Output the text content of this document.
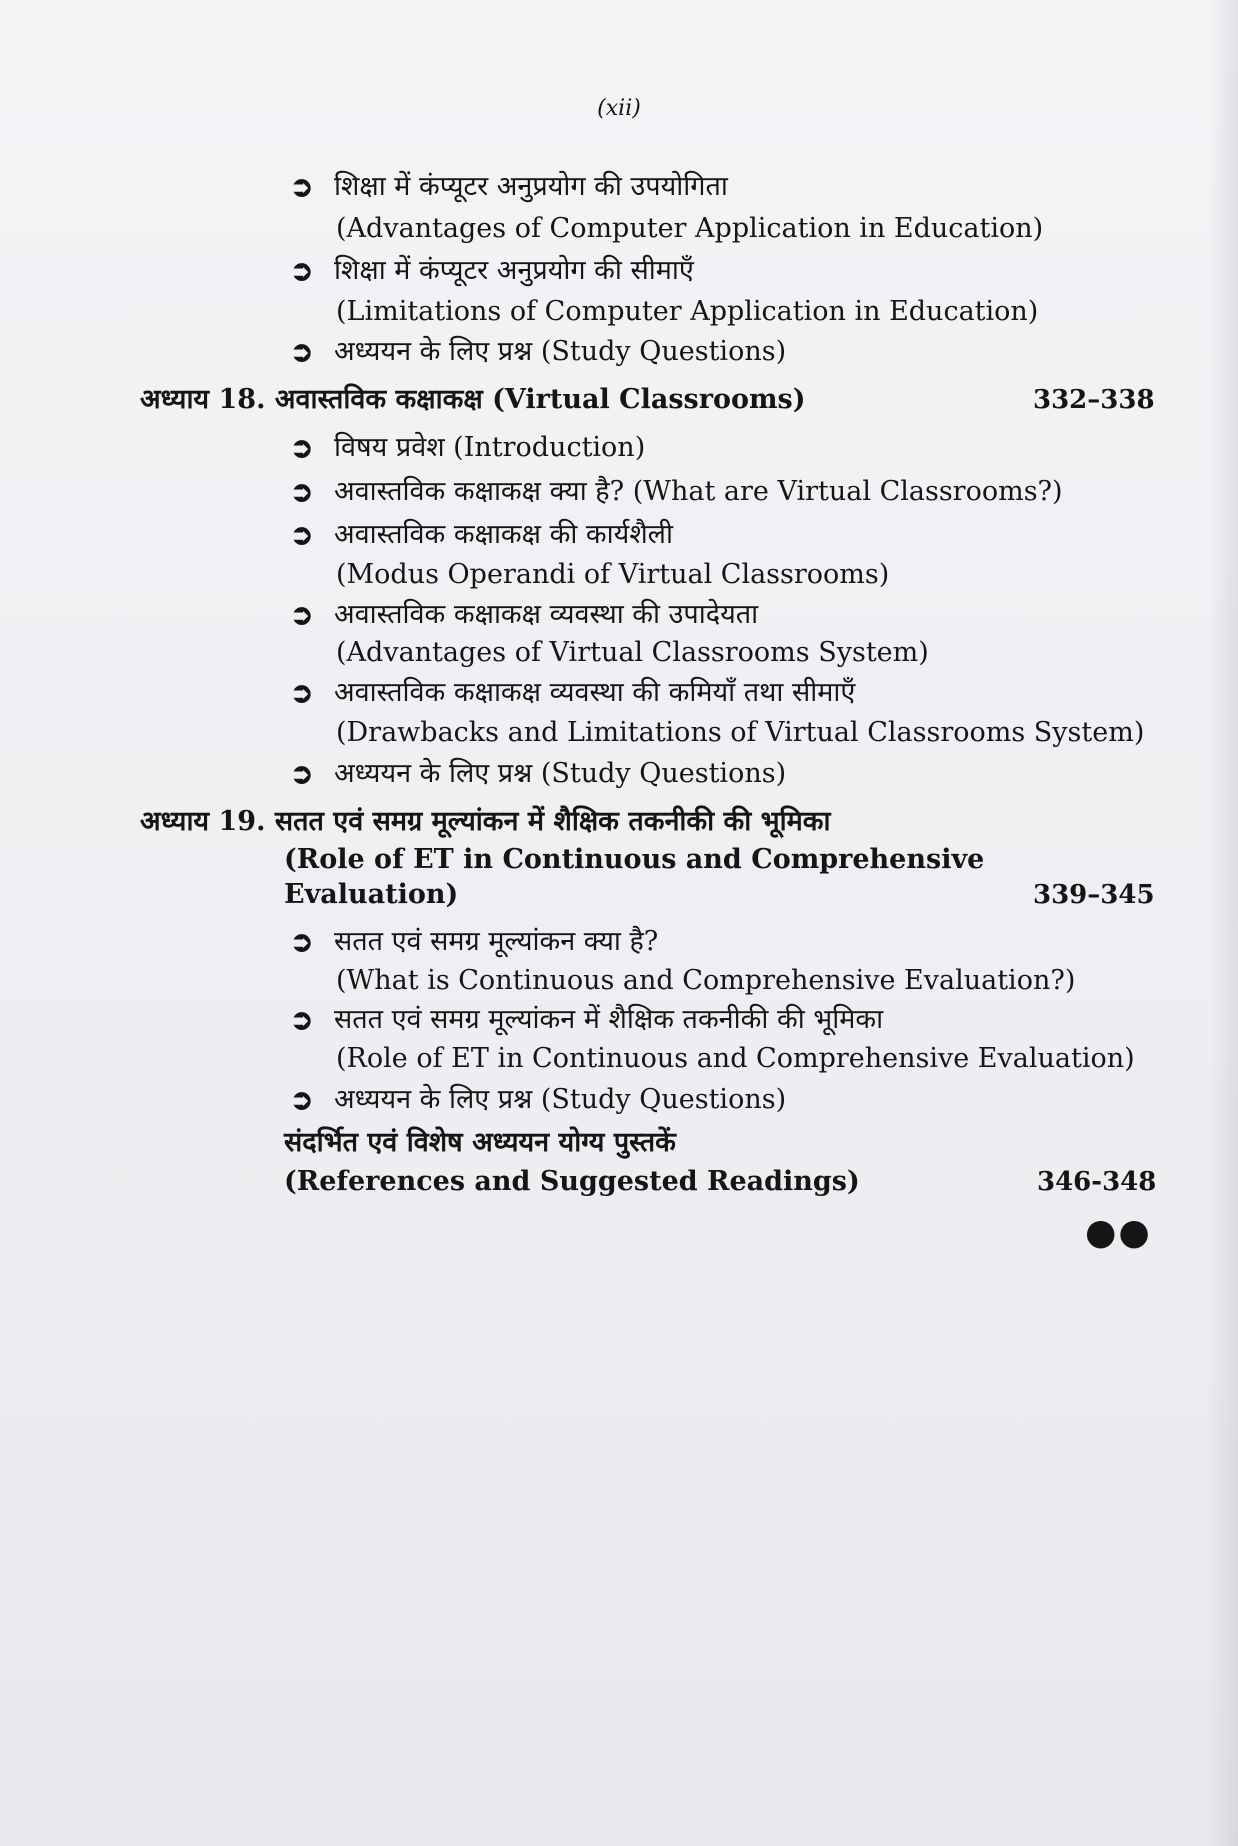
(xii)
➲ शिक्षा में कंप्यूटर अनुप्रयोग की उपयोगिता
(Advantages of Computer Application in Education)
➲ शिक्षा में कंप्यूटर अनुप्रयोग की सीमाएँ
(Limitations of Computer Application in Education)
➲ अध्ययन के लिए प्रश्न (Study Questions)
अध्याय 18. अवास्तविक कक्षाकक्ष (Virtual Classrooms)	332–338
➲ विषय प्रवेश (Introduction)
➲ अवास्तविक कक्षाकक्ष क्या है? (What are Virtual Classrooms?)
➲ अवास्तविक कक्षाकक्ष की कार्यशैली
(Modus Operandi of Virtual Classrooms)
➲ अवास्तविक कक्षाकक्ष व्यवस्था की उपादेयता
(Advantages of Virtual Classrooms System)
➲ अवास्तविक कक्षाकक्ष व्यवस्था की कमियाँ तथा सीमाएँ
(Drawbacks and Limitations of Virtual Classrooms System)
➲ अध्ययन के लिए प्रश्न (Study Questions)
अध्याय 19. सतत एवं समग्र मूल्यांकन में शैक्षिक तकनीकी की भूमिका
(Role of ET in Continuous and Comprehensive
Evaluation)	339–345
➲ सतत एवं समग्र मूल्यांकन क्या है?
(What is Continuous and Comprehensive Evaluation?)
➲ सतत एवं समग्र मूल्यांकन में शैक्षिक तकनीकी की भूमिका
(Role of ET in Continuous and Comprehensive Evaluation)
➲ अध्ययन के लिए प्रश्न (Study Questions)
संदर्भित एवं विशेष अध्ययन योग्य पुस्तकें
(References and Suggested Readings)	346-348
●●
